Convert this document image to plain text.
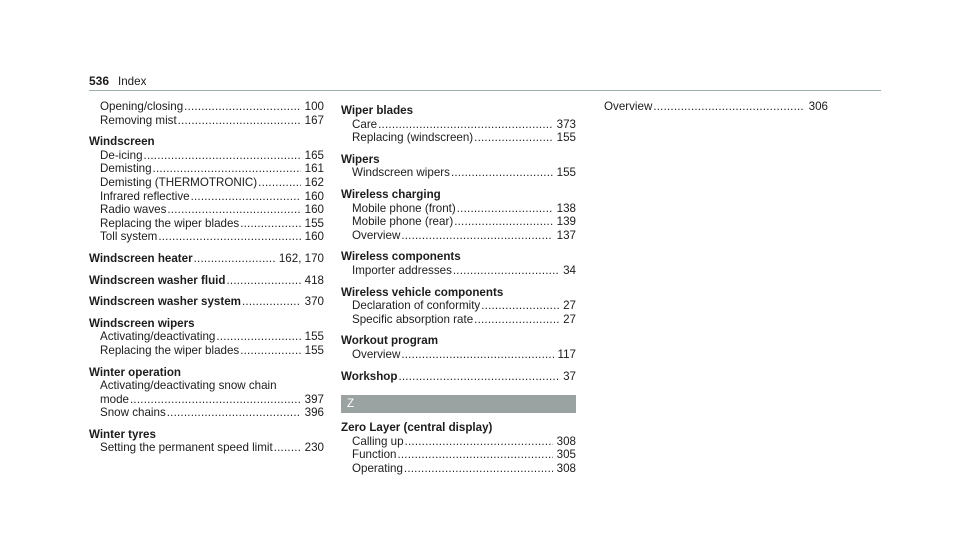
536 Index
Opening/closing .....	100
Removing mist .....	167
Windscreen
De-icing .....	165
Demisting .....	161
Demisting (THERMOTRONIC) .....	162
Infrared reflective .....	160
Radio waves .....	160
Replacing the wiper blades .....	155
Toll system .....	160
Windscreen heater .....	162, 170
Windscreen washer fluid .....	418
Windscreen washer system .....	370
Windscreen wipers
Activating/deactivating .....	155
Replacing the wiper blades .....	155
Winter operation
Activating/deactivating snow chain
mode .....	397
Snow chains .....	396
Winter tyres
Setting the permanent speed limit .....	230
Wiper blades
Care .....	373
Replacing (windscreen) .....	155
Wipers
Windscreen wipers .....	155
Wireless charging
Mobile phone (front) .....	138
Mobile phone (rear) .....	139
Overview .....	137
Wireless components
Importer addresses .....	34
Wireless vehicle components
Declaration of conformity .....	27
Specific absorption rate .....	27
Workout program
Overview .....	117
Workshop .....	37
Z
Zero Layer (central display)
Calling up .....	308
Function .....	305
Operating .....	308
Overview .....	306
